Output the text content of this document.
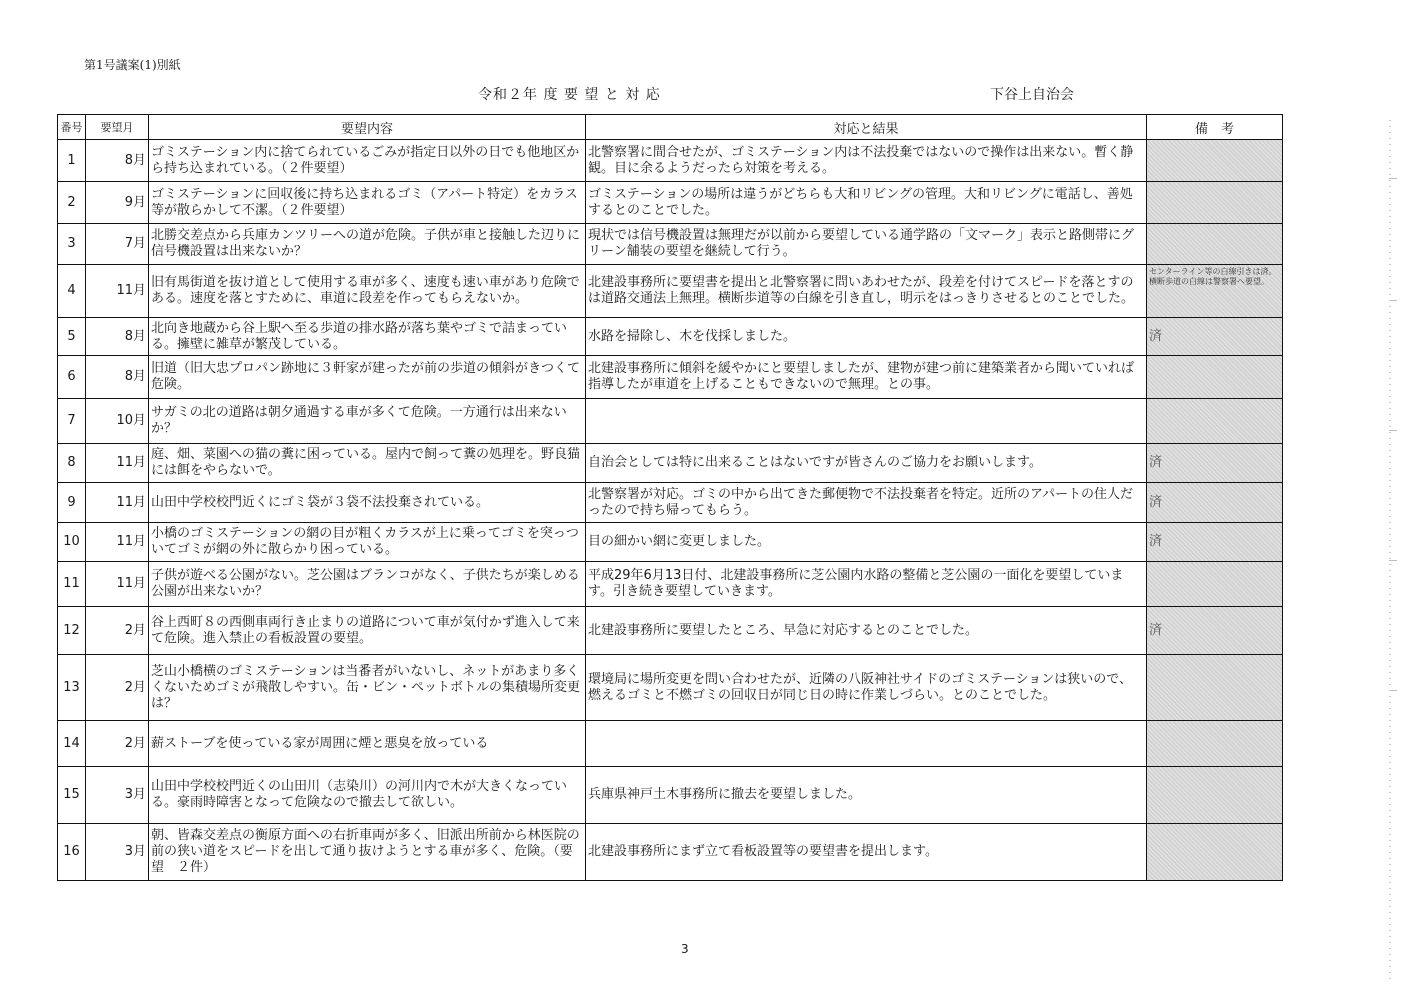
第1号議案(1)別紙
令和２年 度 要 望 と 対 応	下谷上自治会
番号	要望月	要望内容	対応と結果	備　考
1	8月	ゴミステーション内に捨てられているごみが指定日以外の日でも他地区から持ち込まれている。（２件要望）	北警察署に間合せたが、ゴミステーション内は不法投棄ではないので操作は出来ない。暫く静観。目に余るようだったら対策を考える。	
2	9月	ゴミステーションに回収後に持ち込まれるゴミ（アパート特定）をカラス等が散らかして不潔。（２件要望）	ゴミステーションの場所は違うがどちらも大和リビングの管理。大和リビングに電話し、善処するとのことでした。	
3	7月	北勝交差点から兵庫カンツリーへの道が危険。子供が車と接触した辺りに信号機設置は出来ないか？	現状では信号機設置は無理だが以前から要望している通学路の「文マーク」表示と路側帯にグリーン舗装の要望を継続して行う。	
4	11月	旧有馬街道を抜け道として使用する車が多く、速度も速い車があり危険である。速度を落とすために、車道に段差を作ってもらえないか。	北建設事務所に要望書を提出と北警察署に問いあわせたが、段差を付けてスピードを落とすのは道路交通法上無理。横断歩道等の白線を引き直し，明示をはっきりさせるとのことでした。	センターライン等の白線引きは済。横断歩道の白線は警察署へ要望。
5	8月	北向き地蔵から谷上駅へ至る歩道の排水路が落ち葉やゴミで詰まっている。擁壁に雑草が繁茂している。	水路を掃除し、木を伐採しました。	済
6	8月	旧道（旧大忠プロパン跡地に３軒家が建ったが前の歩道の傾斜がきつくて危険。	北建設事務所に傾斜を緩やかにと要望しましたが、建物が建つ前に建築業者から聞いていれば指導したが車道を上げることもできないので無理。との事。	
7	10月	サガミの北の道路は朝夕通過する車が多くて危険。一方通行は出来ないか？		
8	11月	庭、畑、菜園への猫の糞に困っている。屋内で飼って糞の処理を。野良猫には餌をやらないで。	自治会としては特に出来ることはないですが皆さんのご協力をお願いします。	済
9	11月	山田中学校校門近くにゴミ袋が３袋不法投棄されている。	北警察署が対応。ゴミの中から出てきた郵便物で不法投棄者を特定。近所のアパートの住人だったので持ち帰ってもらう。	済
10	11月	小橋のゴミステーションの網の目が粗くカラスが上に乗ってゴミを突っついてゴミが網の外に散らかり困っている。	目の細かい網に変更しました。	済
11	11月	子供が遊べる公園がない。芝公園はブランコがなく、子供たちが楽しめる公園が出来ないか？	平成29年6月13日付、北建設事務所に芝公園内水路の整備と芝公園の一面化を要望しています。引き続き要望していきます。	
12	2月	谷上西町８の西側車両行き止まりの道路について車が気付かず進入して来て危険。進入禁止の看板設置の要望。	北建設事務所に要望したところ、早急に対応するとのことでした。	済
13	2月	芝山小橋横のゴミステーションは当番者がいないし、ネットがあまり多くくないためゴミが飛散しやすい。缶・ビン・ペットボトルの集積場所変更は？	環境局に場所変更を問い合わせたが、近隣の八阪神社サイドのゴミステーションは狭いので、燃えるゴミと不燃ゴミの回収日が同じ日の時に作業しづらい。とのことでした。	
14	2月	薪ストーブを使っている家が周囲に煙と悪臭を放っている		
15	3月	山田中学校校門近くの山田川（志染川）の河川内で木が大きくなっている。豪雨時障害となって危険なので撤去して欲しい。	兵庫県神戸土木事務所に撤去を要望しました。	
16	3月	朝、皆森交差点の衡原方面への右折車両が多く、旧派出所前から林医院の前の狭い道をスピードを出して通り抜けようとする車が多く、危険。（要望　２件）	北建設事務所にまず立て看板設置等の要望書を提出します。	
3
